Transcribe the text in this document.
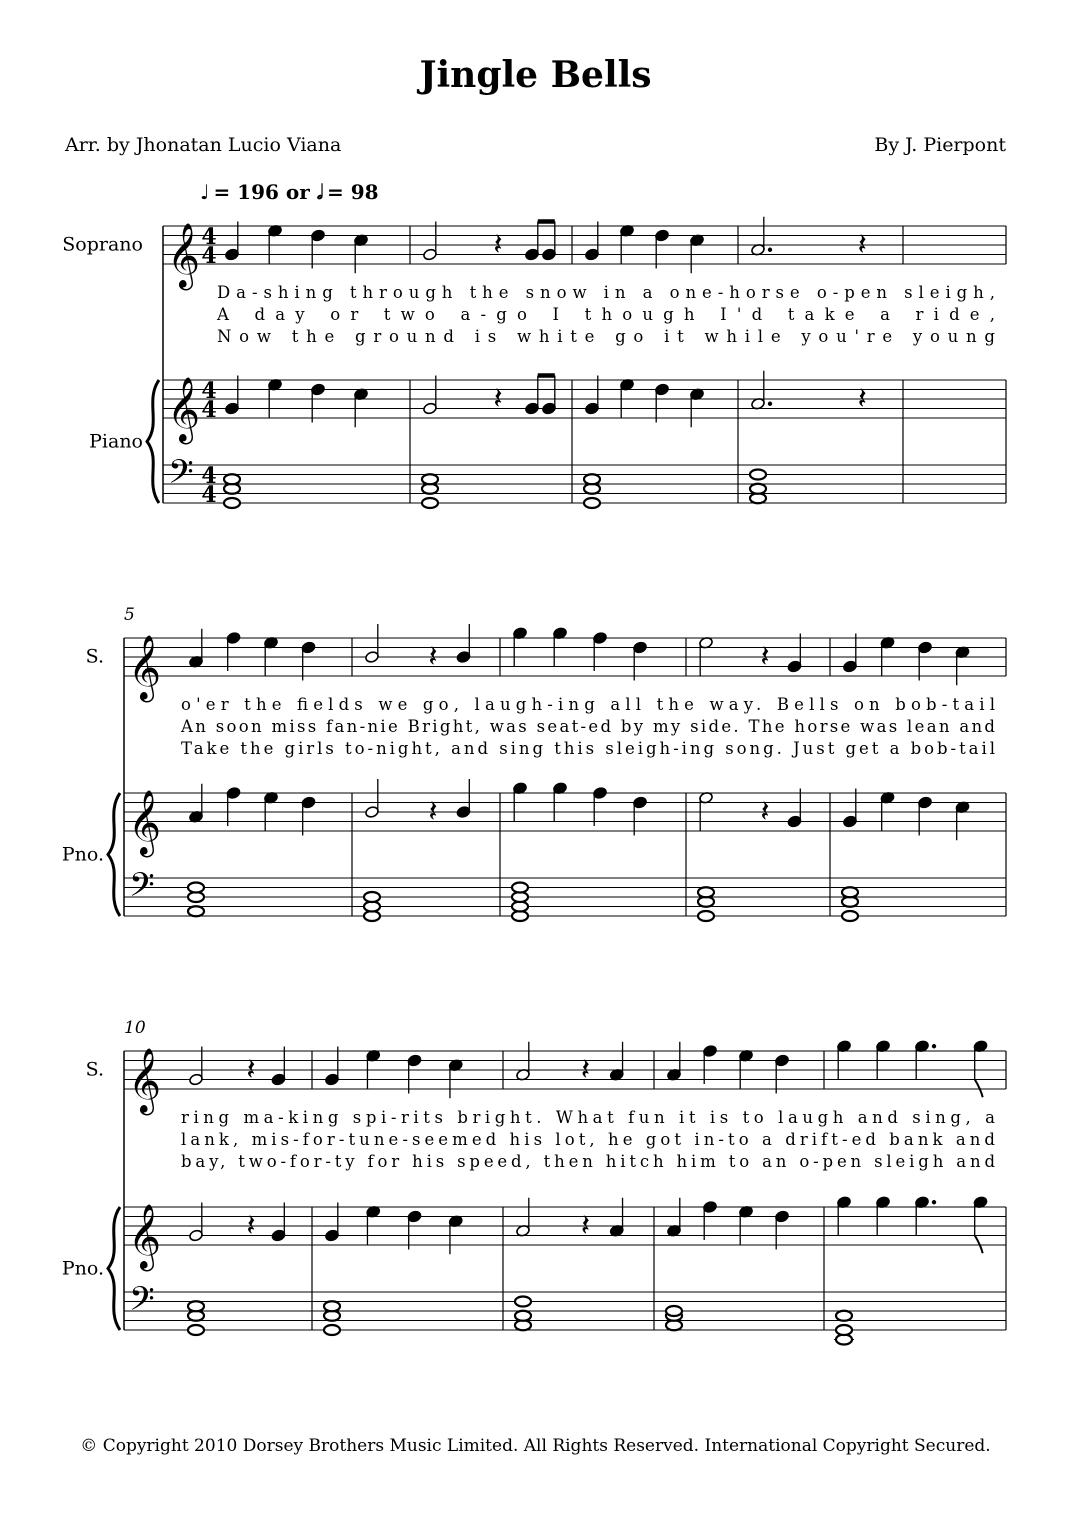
Jingle Bells
Arr. by Jhonatan Lucio Viana	By J. Pierpont
♩ = 196 or 𝅗𝅥 = 98
𝄞
𝄞
𝄢
4
4
4
4
4
4
Soprano
Piano
𝄽
𝄽
𝄽
𝄽
Da-shing through the snow in a one-horse o-pen sleigh,
A day or two a-go I though I'd take a ride,
Now the ground is white go it while you're young
𝄞
𝄞
𝄢
S.
Pno.
5
𝄽
𝄽
𝄽
𝄽
o'er the fields we go, laugh-ing all the way. Bells on bob-tail
An soon miss fan-nie Bright, was seat-ed by my side. The horse was lean and
Take the girls to-night, and sing this sleigh-ing song. Just get a bob-tail
𝄞
𝄞
𝄢
S.
Pno.
10
𝄽
𝄽
𝄽
𝄽
ring ma-king spi-rits bright. What fun it is to laugh and sing, a
lank, mis-for-tune-seemed his lot, he got in-to a drift-ed bank and
bay, two-for-ty for his speed, then hitch him to an o-pen sleigh and
© Copyright 2010 Dorsey Brothers Music Limited. All Rights Reserved. International Copyright Secured.
